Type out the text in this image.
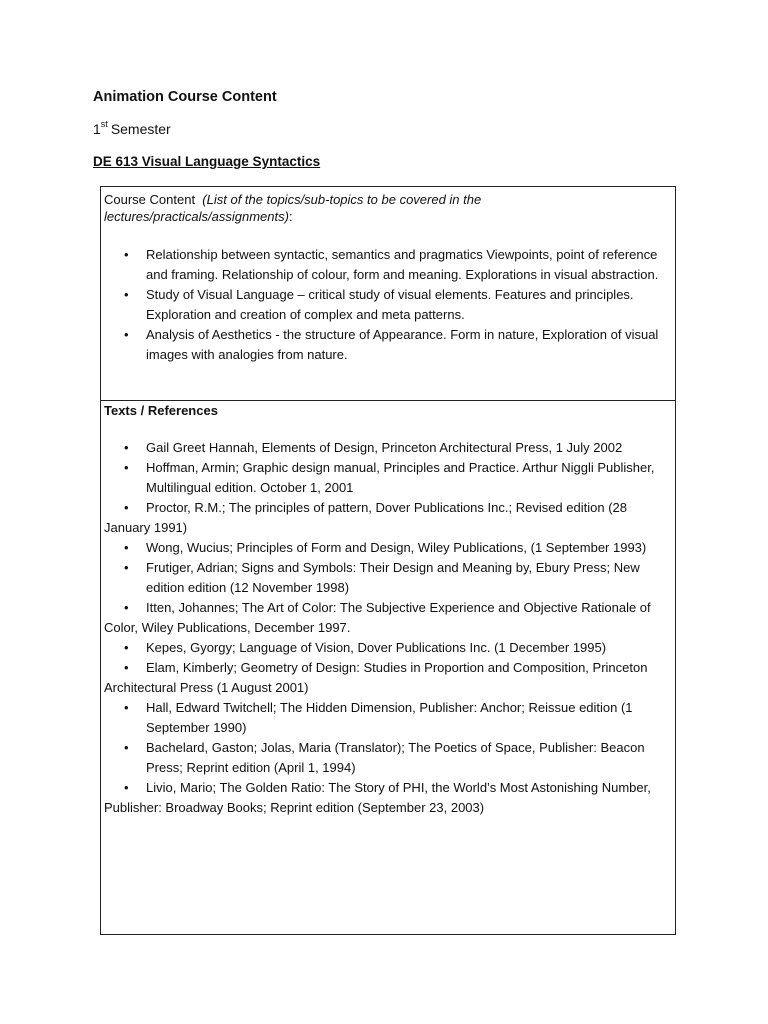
Animation Course Content
1st Semester
DE 613 Visual Language Syntactics
Course Content (List of the topics/sub-topics to be covered in the lectures/practicals/assignments):
• Relationship between syntactic, semantics and pragmatics Viewpoints, point of reference and framing. Relationship of colour, form and meaning. Explorations in visual abstraction.
• Study of Visual Language – critical study of visual elements. Features and principles. Exploration and creation of complex and meta patterns.
• Analysis of Aesthetics - the structure of Appearance. Form in nature, Exploration of visual images with analogies from nature.
Texts / References
• Gail Greet Hannah, Elements of Design, Princeton Architectural Press, 1 July 2002
• Hoffman, Armin; Graphic design manual, Principles and Practice. Arthur Niggli Publisher, Multilingual edition. October 1, 2001
• Proctor, R.M.; The principles of pattern, Dover Publications Inc.; Revised edition (28 January 1991)
• Wong, Wucius; Principles of Form and Design, Wiley Publications, (1 September 1993)
• Frutiger, Adrian; Signs and Symbols: Their Design and Meaning by, Ebury Press; New edition edition (12 November 1998)
• Itten, Johannes; The Art of Color: The Subjective Experience and Objective Rationale of Color, Wiley Publications, December 1997.
• Kepes, Gyorgy; Language of Vision, Dover Publications Inc. (1 December 1995)
• Elam, Kimberly; Geometry of Design: Studies in Proportion and Composition, Princeton Architectural Press (1 August 2001)
• Hall, Edward Twitchell; The Hidden Dimension, Publisher: Anchor; Reissue edition (1 September 1990)
• Bachelard, Gaston; Jolas, Maria (Translator); The Poetics of Space, Publisher: Beacon Press; Reprint edition (April 1, 1994)
• Livio, Mario; The Golden Ratio: The Story of PHI, the World’s Most Astonishing Number, Publisher: Broadway Books; Reprint edition (September 23, 2003)
